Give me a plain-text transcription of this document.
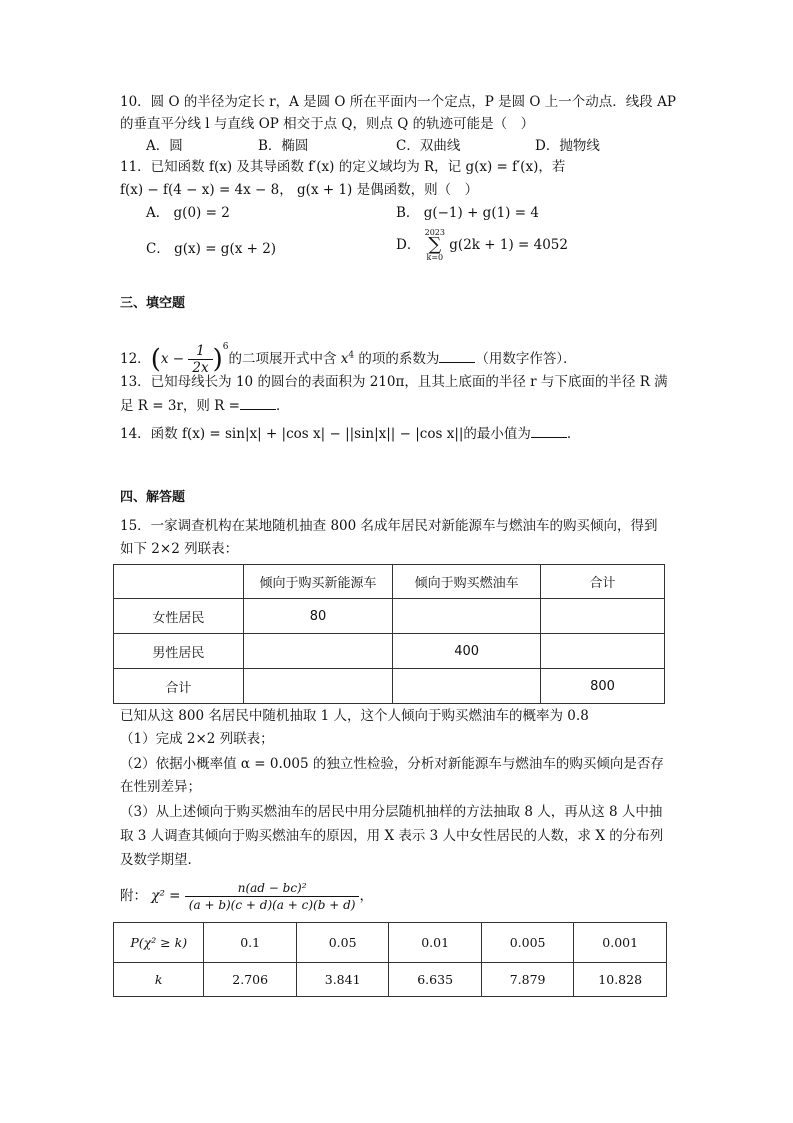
10．圆 O 的半径为定长 r，A 是圆 O 所在平面内一个定点，P 是圆 O 上一个动点．线段 AP
的垂直平分线 l 与直线 OP 相交于点 Q，则点 Q 的轨迹可能是（　）
A．圆	B．椭圆	C．双曲线	D．抛物线
11．已知函数 f(x) 及其导函数 f′(x) 的定义域均为 R，记 g(x) = f′(x)，若
f(x) − f(4 − x) = 4x − 8， g(x + 1) 是偶函数，则（　）
A． g(0) = 2	B． g(−1) + g(1) = 4
C． g(x) = g(x + 2)	D． 2023
∑
k=0 g(2k + 1) = 4052
三、填空题
12．$(x - \frac{1}{2x} )^6$的二项展开式中含 $x^4$ 的项的系数为	（用数字作答）．
13．已知母线长为 10 的圆台的表面积为 210π，且其上底面的半径 r 与下底面的半径 R 满
足 R = 3r，则 R =	．
14．函数 f(x) = sin|x| + |cos x| − ||sin|x|| − |cos x||的最小值为	．
四、解答题
15．一家调查机构在某地随机抽查 800 名成年居民对新能源车与燃油车的购买倾向，得到
如下 2×2 列联表：
	倾向于购买新能源车	倾向于购买燃油车	合计
女性居民	80		
男性居民		400	
合计			800
已知从这 800 名居民中随机抽取 1 人，这个人倾向于购买燃油车的概率为 0.8
（1）完成 2×2 列联表；
（2）依据小概率值 α = 0.005 的独立性检验，分析对新能源车与燃油车的购买倾向是否存
在性别差异；
（3）从上述倾向于购买燃油车的居民中用分层随机抽样的方法抽取 8 人，再从这 8 人中抽
取 3 人调查其倾向于购买燃油车的原因，用 X 表示 3 人中女性居民的人数，求 X 的分布列
及数学期望．
附： $\chi^2 = \frac{\text{n(ad − bc)²}}{(a + b)(c + d)(a + c)(b + d)}$ ，
P(χ² ≥ k)	0.1	0.05	0.01	0.005	0.001
k	2.706	3.841	6.635	7.879	10.828
